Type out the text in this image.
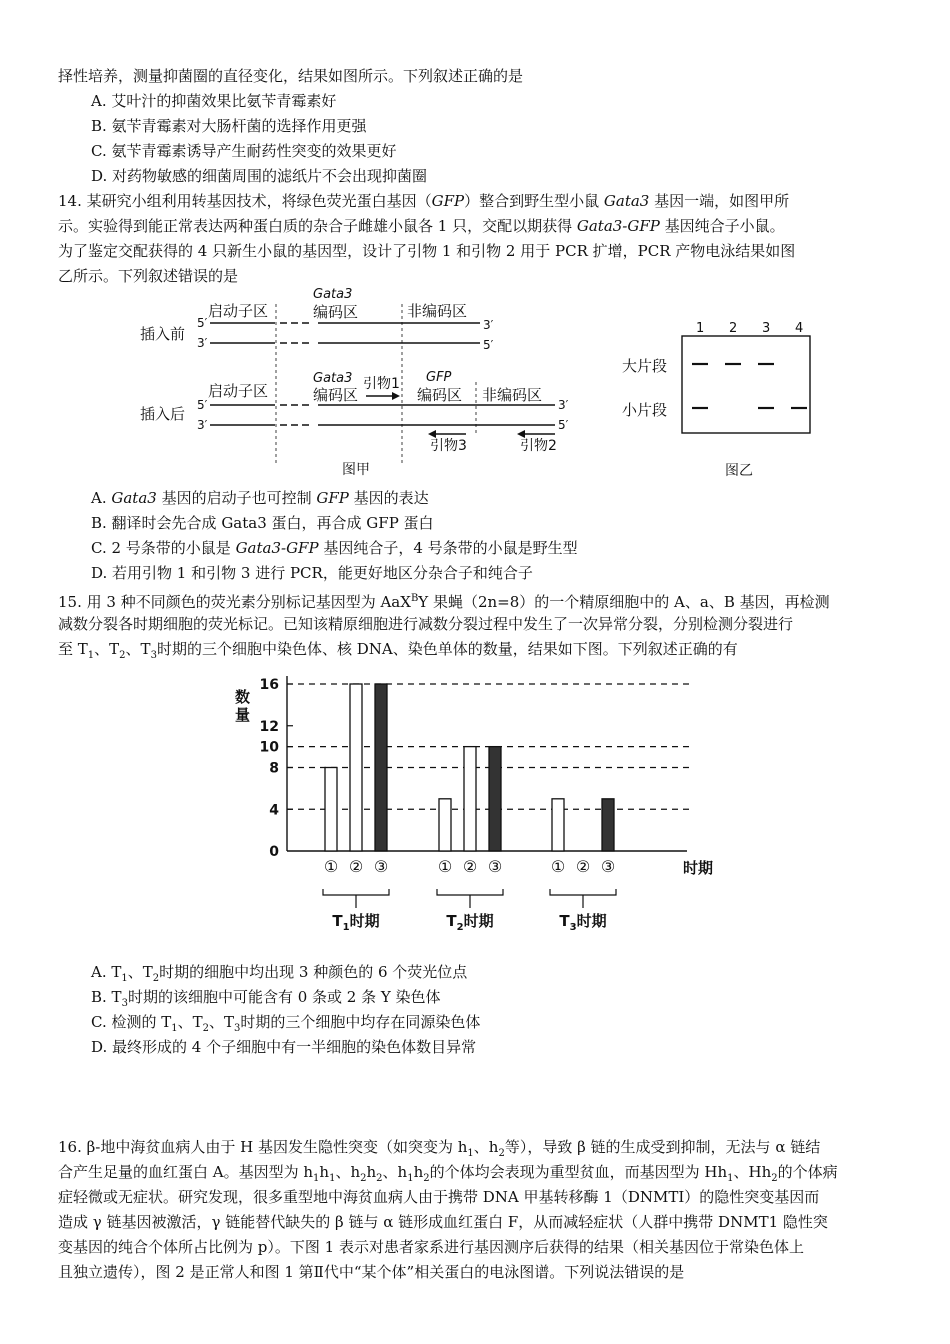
择性培养，测量抑菌圈的直径变化，结果如图所示。下列叙述正确的是
A. 艾叶汁的抑菌效果比氨苄青霉素好
B. 氨苄青霉素对大肠杆菌的选择作用更强
C. 氨苄青霉素诱导产生耐药性突变的效果更好
D. 对药物敏感的细菌周围的滤纸片不会出现抑菌圈
14. 某研究小组利用转基因技术，将绿色荧光蛋白基因（GFP）整合到野生型小鼠 Gata3 基因一端，如图甲所
示。实验得到能正常表达两种蛋白质的杂合子雌雄小鼠各 1 只，交配以期获得 Gata3-GFP 基因纯合子小鼠。
为了鉴定交配获得的 4 只新生小鼠的基因型，设计了引物 1 和引物 2 用于 PCR 扩增，PCR 产物电泳结果如图
乙所示。下列叙述错误的是
插入前
5′
3′
3′
5′
启动子区
Gata3
编码区	非编码区
插入后 5′
3′
3′
5′
启动子区
Gata3
编码区
引物1 GFP
编码区 非编码区
引物3	引物2
图甲
1 2 3 4
大片段
小片段
图乙
A. Gata3 基因的启动子也可控制 GFP 基因的表达
B. 翻译时会先合成 Gata3 蛋白，再合成 GFP 蛋白
C. 2 号条带的小鼠是 Gata3-GFP 基因纯合子，4 号条带的小鼠是野生型
D. 若用引物 1 和引物 3 进行 PCR，能更好地区分杂合子和纯合子
15. 用 3 种不同颜色的荧光素分别标记基因型为 AaX$^B$Y 果蝇（2n=8）的一个精原细胞中的 A、a、B 基因，再检测
减数分裂各时期细胞的荧光标记。已知该精原细胞进行减数分裂过程中发生了一次异常分裂，分别检测分裂进行
至 $T_1$、$T_2$、$T_3$时期的三个细胞中染色体、核 DNA、染色单体的数量，结果如下图。下列叙述正确的有
数量
0
4
8
10
12
16
时期
① ② ③
$T_1$时期
① ② ③
$T_2$时期
① ② ③
$T_3$时期
A. $T_1$、$T_2$时期的细胞中均出现 3 种颜色的 6 个荧光位点
B. $T_3$时期的该细胞中可能含有 0 条或 2 条 Y 染色体
C. 检测的 $T_1$、$T_2$、$T_3$时期的三个细胞中均存在同源染色体
D. 最终形成的 4 个子细胞中有一半细胞的染色体数目异常
16. β-地中海贫血病人由于 H 基因发生隐性突变（如突变为 $h_1$、$h_2$等），导致 β 链的生成受到抑制，无法与 α 链结
合产生足量的血红蛋白 A。基因型为 $h_1h_1$、$h_2h_2$、$h_1h_2$的个体均会表现为重型贫血，而基因型为 $Hh_1$、$Hh_2$的个体病
症轻微或无症状。研究发现，很多重型地中海贫血病人由于携带 DNA 甲基转移酶 1（DNMTI）的隐性突变基因而
造成 γ 链基因被激活，γ 链能替代缺失的 β 链与 α 链形成血红蛋白 F，从而减轻症状（人群中携带 DNMT1 隐性突
变基因的纯合个体所占比例为 p）。下图 1 表示对患者家系进行基因测序后获得的结果（相关基因位于常染色体上
且独立遗传），图 2 是正常人和图 1 第Ⅱ代中“某个体”相关蛋白的电泳图谱。下列说法错误的是
